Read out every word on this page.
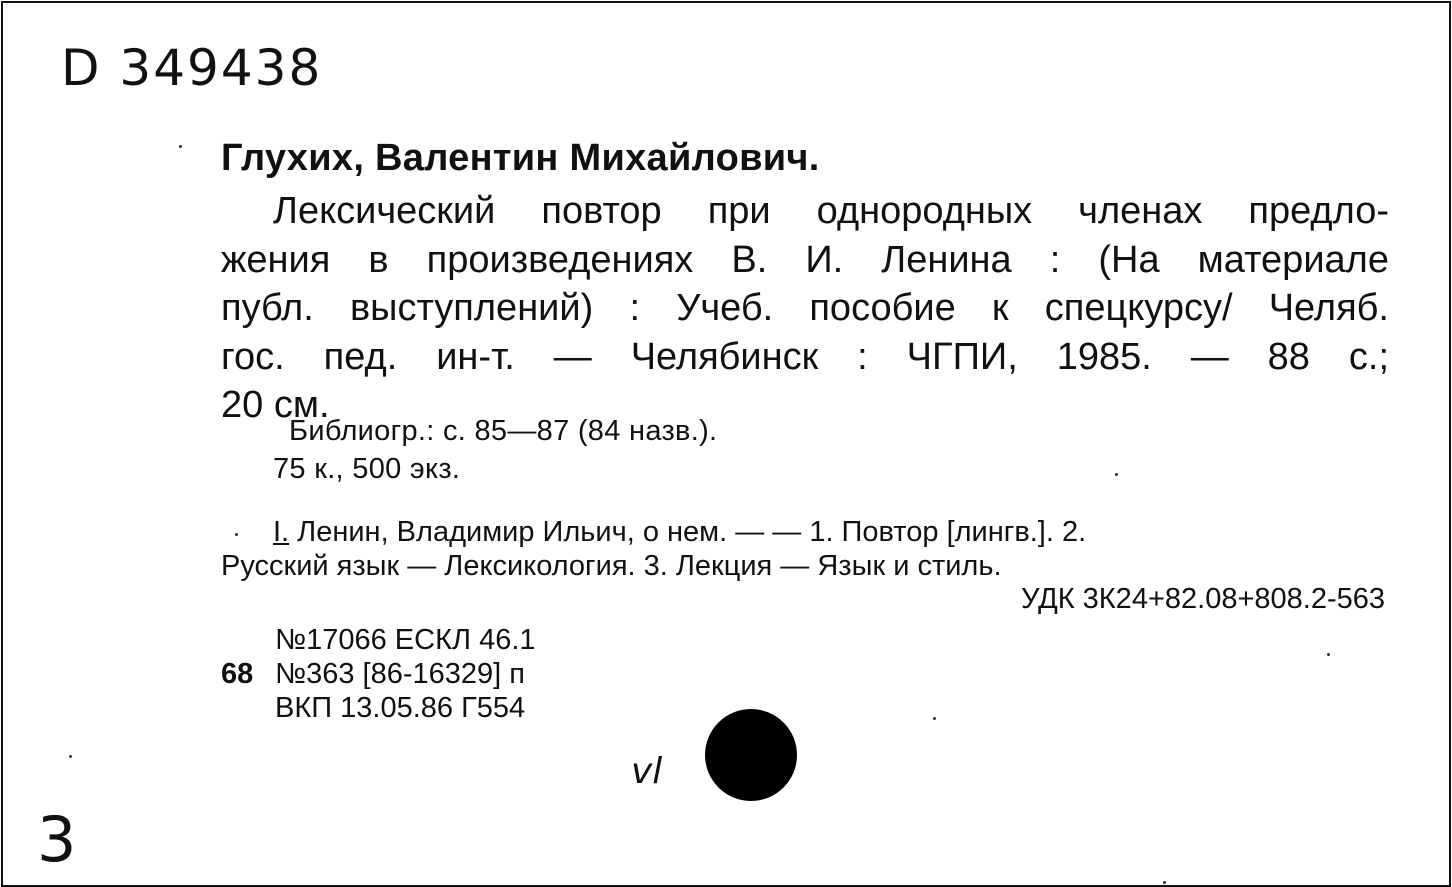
D 349438
Глухих, Валентин Михайлович.
Лексический повтор при однородных членах предло-
жения в произведениях В. И. Ленина : (На материале
публ. выступлений) : Учеб. пособие к спецкурсу/ Челяб.
гос. пед. ин-т. — Челябинск : ЧГПИ, 1985. — 88 с.;
20 см.
Библиогр.: с. 85—87 (84 назв.).
75 к., 500 экз.
I. Ленин, Владимир Ильич, о нем. — — 1. Повтор [лингв.]. 2.
Русский язык — Лексикология. 3. Лекция — Язык и стиль.
УДК 3К24+82.08+808.2-563
№17066 ЕСКЛ 46.1
68 №363 [86-16329] п
ВКП 13.05.86 Г554
vl
3
